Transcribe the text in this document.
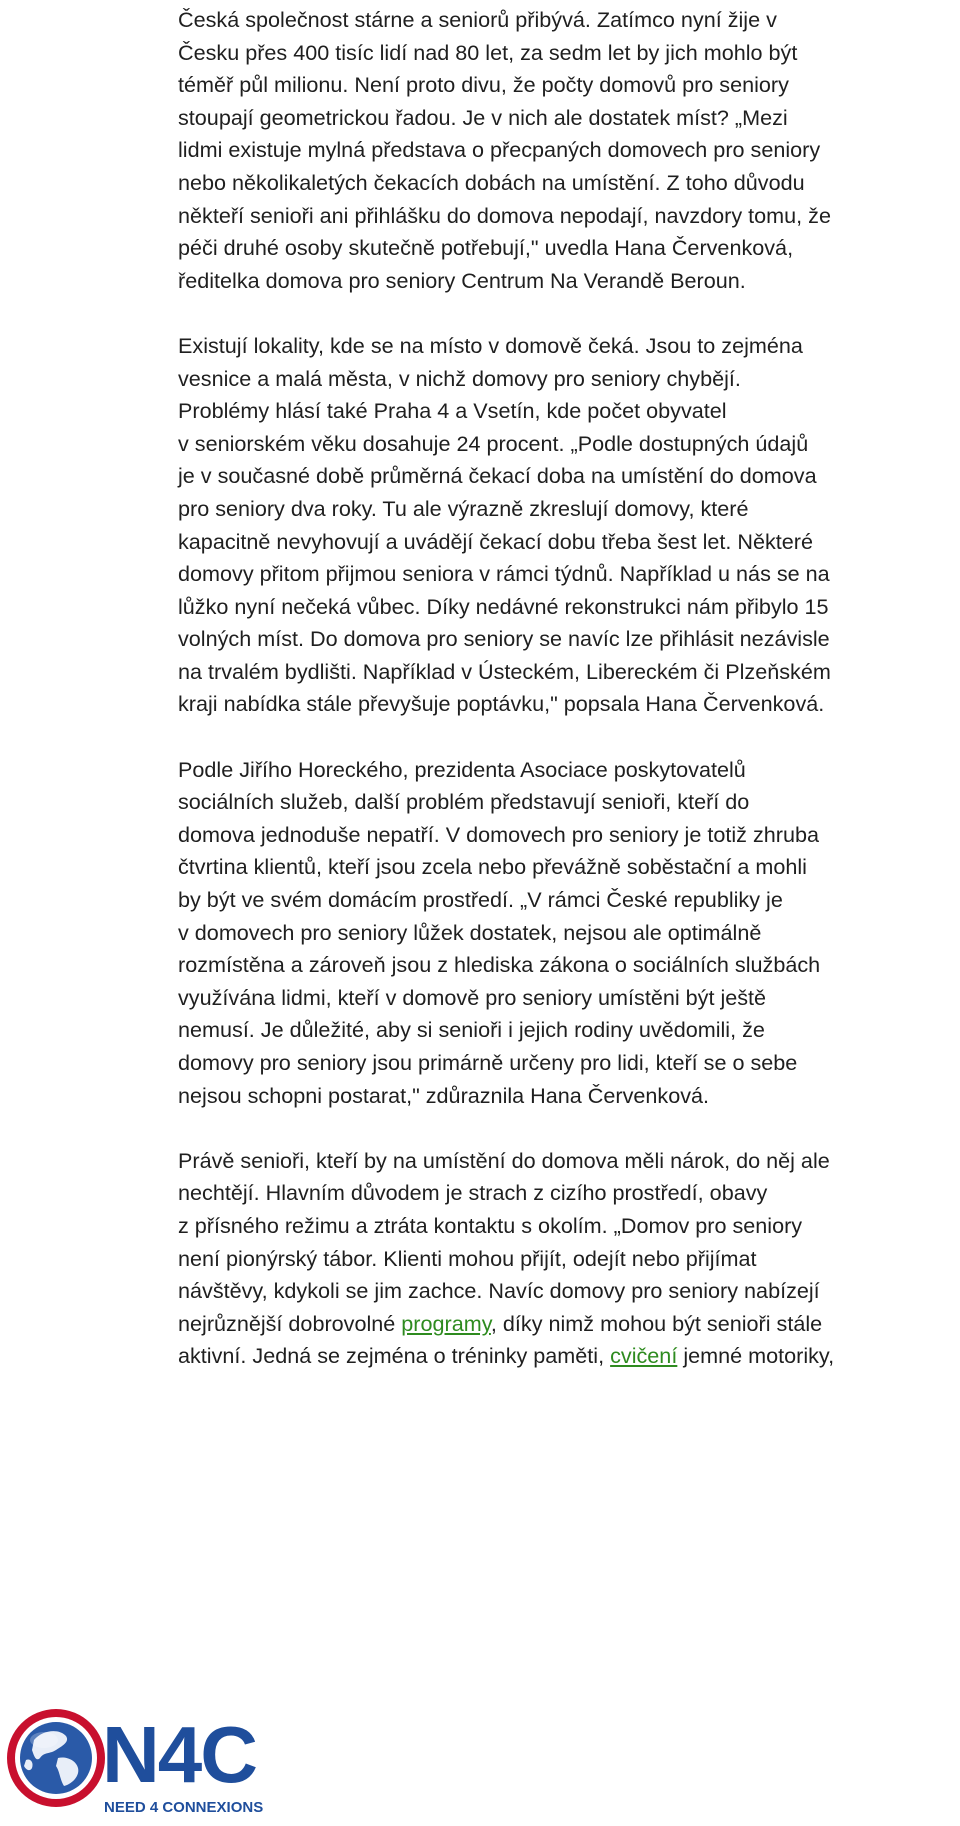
Česká společnost stárne a seniorů přibývá. Zatímco nyní žije v
Česku přes 400 tisíc lidí nad 80 let, za sedm let by jich mohlo být
téměř půl milionu. Není proto divu, že počty domovů pro seniory
stoupají geometrickou řadou. Je v nich ale dostatek míst? „Mezi
lidmi existuje mylná představa o přecpaných domovech pro seniory
nebo několikaletých čekacích dobách na umístění. Z toho důvodu
někteří senioři ani přihlášku do domova nepodají, navzdory tomu, že
péči druhé osoby skutečně potřebují," uvedla Hana Červenková,
ředitelka domova pro seniory Centrum Na Verandě Beroun.
Existují lokality, kde se na místo v domově čeká. Jsou to zejména
vesnice a malá města, v nichž domovy pro seniory chybějí.
Problémy hlásí také Praha 4 a Vsetín, kde počet obyvatel
v seniorském věku dosahuje 24 procent. „Podle dostupných údajů
je v současné době průměrná čekací doba na umístění do domova
pro seniory dva roky. Tu ale výrazně zkreslují domovy, které
kapacitně nevyhovují a uvádějí čekací dobu třeba šest let. Některé
domovy přitom přijmou seniora v rámci týdnů. Například u nás se na
lůžko nyní nečeká vůbec. Díky nedávné rekonstrukci nám přibylo 15
volných míst. Do domova pro seniory se navíc lze přihlásit nezávisle
na trvalém bydlišti. Například v Ústeckém, Libereckém či Plzeňském
kraji nabídka stále převyšuje poptávku," popsala Hana Červenková.
Podle Jiřího Horeckého, prezidenta Asociace poskytovatelů
sociálních služeb, další problém představují senioři, kteří do
domova jednoduše nepatří. V domovech pro seniory je totiž zhruba
čtvrtina klientů, kteří jsou zcela nebo převážně soběstační a mohli
by být ve svém domácím prostředí. „V rámci České republiky je
v domovech pro seniory lůžek dostatek, nejsou ale optimálně
rozmístěna a zároveň jsou z hlediska zákona o sociálních službách
využívána lidmi, kteří v domově pro seniory umístěni být ještě
nemusí. Je důležité, aby si senioři i jejich rodiny uvědomili, že
domovy pro seniory jsou primárně určeny pro lidi, kteří se o sebe
nejsou schopni postarat," zdůraznila Hana Červenková.
Právě senioři, kteří by na umístění do domova měli nárok, do něj ale
nechtějí. Hlavním důvodem je strach z cizího prostředí, obavy
z přísného režimu a ztráta kontaktu s okolím. „Domov pro seniory
není pionýrský tábor. Klienti mohou přijít, odejít nebo přijímat
návštěvy, kdykoli se jim zachce. Navíc domovy pro seniory nabízejí
nejrůznější dobrovolné programy, díky nimž mohou být senioři stále
aktivní. Jedná se zejména o tréninky paměti, cvičení jemné motoriky,
N4C
NEED 4 CONNEXIONS
